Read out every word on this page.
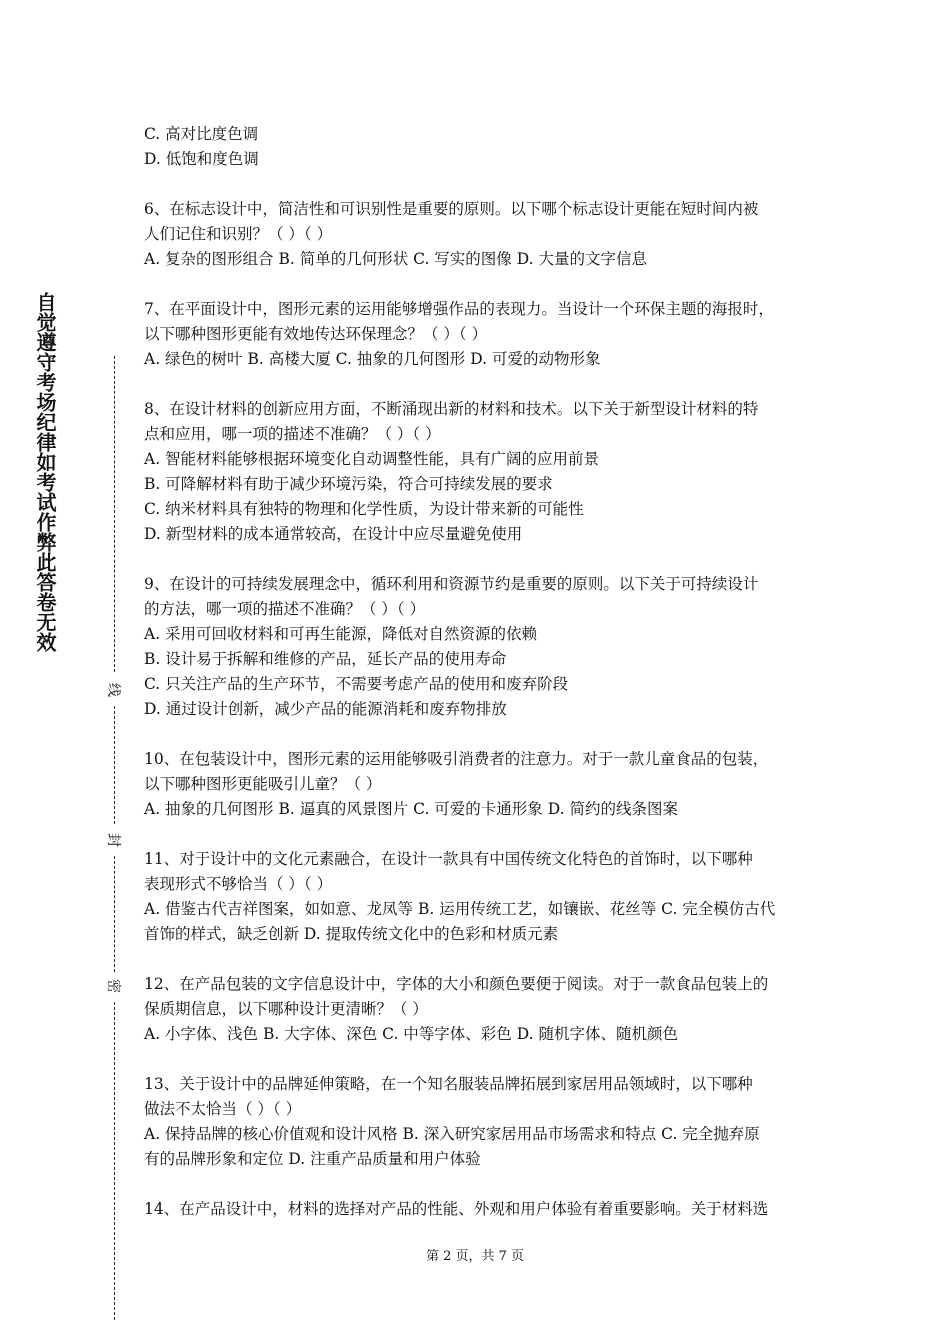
自觉遵守考场纪律如考试作弊此答卷无效
线
封
密
C. 高对比度色调
D. 低饱和度色调
6、在标志设计中，简洁性和可识别性是重要的原则。以下哪个标志设计更能在短时间内被
人们记住和识别？（ ）（ ）
A. 复杂的图形组合 B. 简单的几何形状 C. 写实的图像 D. 大量的文字信息
7、在平面设计中，图形元素的运用能够增强作品的表现力。当设计一个环保主题的海报时，
以下哪种图形更能有效地传达环保理念？（ ）（ ）
A. 绿色的树叶 B. 高楼大厦 C. 抽象的几何图形 D. 可爱的动物形象
8、在设计材料的创新应用方面，不断涌现出新的材料和技术。以下关于新型设计材料的特
点和应用，哪一项的描述不准确？（ ）（ ）
A. 智能材料能够根据环境变化自动调整性能，具有广阔的应用前景
B. 可降解材料有助于减少环境污染，符合可持续发展的要求
C. 纳米材料具有独特的物理和化学性质，为设计带来新的可能性
D. 新型材料的成本通常较高，在设计中应尽量避免使用
9、在设计的可持续发展理念中，循环利用和资源节约是重要的原则。以下关于可持续设计
的方法，哪一项的描述不准确？（ ）（ ）
A. 采用可回收材料和可再生能源，降低对自然资源的依赖
B. 设计易于拆解和维修的产品，延长产品的使用寿命
C. 只关注产品的生产环节，不需要考虑产品的使用和废弃阶段
D. 通过设计创新，减少产品的能源消耗和废弃物排放
10、在包装设计中，图形元素的运用能够吸引消费者的注意力。对于一款儿童食品的包装，
以下哪种图形更能吸引儿童？（ ）
A. 抽象的几何图形 B. 逼真的风景图片 C. 可爱的卡通形象 D. 简约的线条图案
11、对于设计中的文化元素融合，在设计一款具有中国传统文化特色的首饰时，以下哪种
表现形式不够恰当（ ）（ ）
A. 借鉴古代吉祥图案，如如意、龙凤等 B. 运用传统工艺，如镶嵌、花丝等 C. 完全模仿古代
首饰的样式，缺乏创新 D. 提取传统文化中的色彩和材质元素
12、在产品包装的文字信息设计中，字体的大小和颜色要便于阅读。对于一款食品包装上的
保质期信息，以下哪种设计更清晰？（ ）
A. 小字体、浅色 B. 大字体、深色 C. 中等字体、彩色 D. 随机字体、随机颜色
13、关于设计中的品牌延伸策略，在一个知名服装品牌拓展到家居用品领域时，以下哪种
做法不太恰当（ ）（ ）
A. 保持品牌的核心价值观和设计风格 B. 深入研究家居用品市场需求和特点 C. 完全抛弃原
有的品牌形象和定位 D. 注重产品质量和用户体验
14、在产品设计中，材料的选择对产品的性能、外观和用户体验有着重要影响。关于材料选
第 2 页，共 7 页
